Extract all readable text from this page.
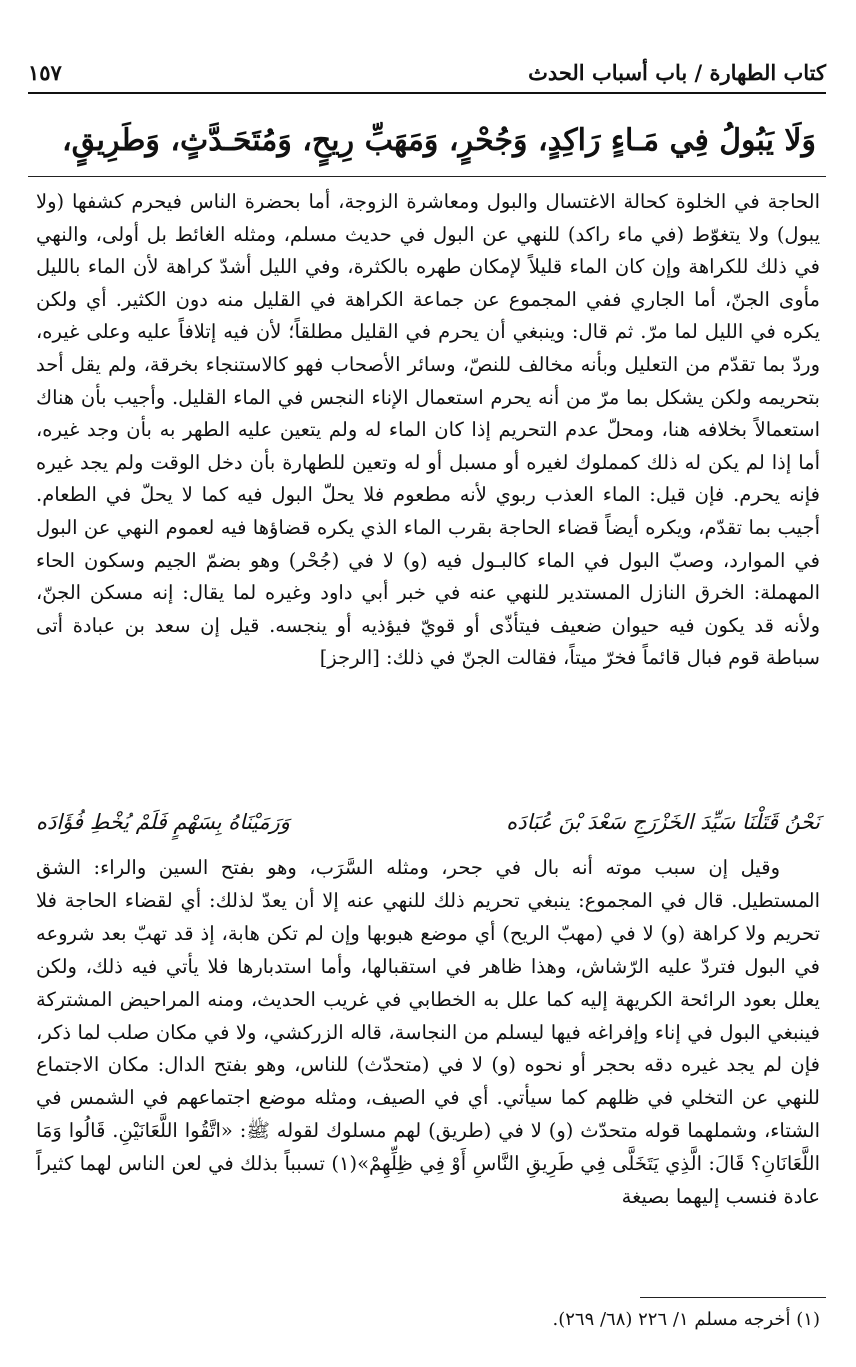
كتاب الطهارة / باب أسباب الحدث
١٥٧
وَلَا يَبُولُ فِي مَـاءٍ رَاكِدٍ، وَجُحْرٍ، وَمَهَبِّ رِيحٍ، وَمُتَحَـدَّثٍ، وَطَرِيقٍ،

الحاجة في الخلوة كحالة الاغتسال والبول ومعاشرة الزوجة، أما بحضرة الناس فيحرم كشفها (ولا يبول) ولا يتغوّط (في ماء راكد) للنهي عن البول في حديث مسلم، ومثله الغائط بل أولى، والنهي في ذلك للكراهة وإن كان الماء قليلاً لإمكان طهره بالكثرة، وفي الليل أشدّ كراهة لأن الماء بالليل مأوى الجنّ، أما الجاري ففي المجموع عن جماعة الكراهة في القليل منه دون الكثير. أي ولكن يكره في الليل لما مرّ. ثم قال: وينبغي أن يحرم في القليل مطلقاً؛ لأن فيه إتلافاً عليه وعلى غيره، وردّ بما تقدّم من التعليل وبأنه مخالف للنصّ، وسائر الأصحاب فهو كالاستنجاء بخرقة، ولم يقل أحد بتحريمه ولكن يشكل بما مرّ من أنه يحرم استعمال الإناء النجس في الماء القليل. وأجيب بأن هناك استعمالاً بخلافه هنا، ومحلّ عدم التحريم إذا كان الماء له ولم يتعين عليه الطهر به بأن وجد غيره، أما إذا لم يكن له ذلك كمملوك لغيره أو مسبل أو له وتعين للطهارة بأن دخل الوقت ولم يجد غيره فإنه يحرم. فإن قيل: الماء العذب ربوي لأنه مطعوم فلا يحلّ البول فيه كما لا يحلّ في الطعام. أجيب بما تقدّم، ويكره أيضاً قضاء الحاجة بقرب الماء الذي يكره قضاؤها فيه لعموم النهي عن البول في الموارد، وصبّ البول في الماء كالبـول فيه (و) لا في (جُحْر) وهو بضمّ الجيم وسكون الحاء المهملة: الخرق النازل المستدير للنهي عنه في خبر أبي داود وغيره لما يقال: إنه مسكن الجنّ، ولأنه قد يكون فيه حيوان ضعيف فيتأذّى أو قويّ فيؤذيه أو ينجسه. قيل إن سعد بن عبادة أتى سباطة قوم فبال قائماً فخرّ ميتاً، فقالت الجنّ في ذلك: [الرجز]

نَحْنُ قَتَلْنَا سَيِّدَ الخَزْرَجِ سَعْدَ بْنَ عُبَادَه
وَرَمَيْنَاهُ بِسَهْمٍ فَلَمْ يُخْطِ فُؤَادَه

وقيل إن سبب موته أنه بال في جحر، ومثله السَّرَب، وهو بفتح السين والراء: الشق المستطيل. قال في المجموع: ينبغي تحريم ذلك للنهي عنه إلا أن يعدّ لذلك: أي لقضاء الحاجة فلا تحريم ولا كراهة (و) لا في (مهبّ الريح) أي موضع هبوبها وإن لم تكن هابة، إذ قد تهبّ بعد شروعه في البول فتردّ عليه الرّشاش، وهذا ظاهر في استقبالها، وأما استدبارها فلا يأتي فيه ذلك، ولكن يعلل بعود الرائحة الكريهة إليه كما علل به الخطابي في غريب الحديث، ومنه المراحيض المشتركة فينبغي البول في إناء وإفراغه فيها ليسلم من النجاسة، قاله الزركشي، ولا في مكان صلب لما ذكر، فإن لم يجد غيره دقه بحجر أو نحوه (و) لا في (متحدّث) للناس، وهو بفتح الدال: مكان الاجتماع للنهي عن التخلي في ظلهم كما سيأتي. أي في الصيف، ومثله موضع اجتماعهم في الشمس في الشتاء، وشملهما قوله متحدّث (و) لا في (طريق) لهم مسلوك لقوله ﷺ: «اتَّقُوا اللَّعَانَيْنِ. قَالُوا وَمَا اللَّعَانَانِ؟ قَالَ: الَّذِي يَتَخَلَّى فِي طَرِيقِ النَّاسِ أَوْ فِي ظِلِّهِمْ»(١) تسبباً بذلك في لعن الناس لهما كثيراً عادة فنسب إليهما بصيغة

(١) أخرجه مسلم ١/ ٢٢٦ (٦٨/ ٢٦٩).
